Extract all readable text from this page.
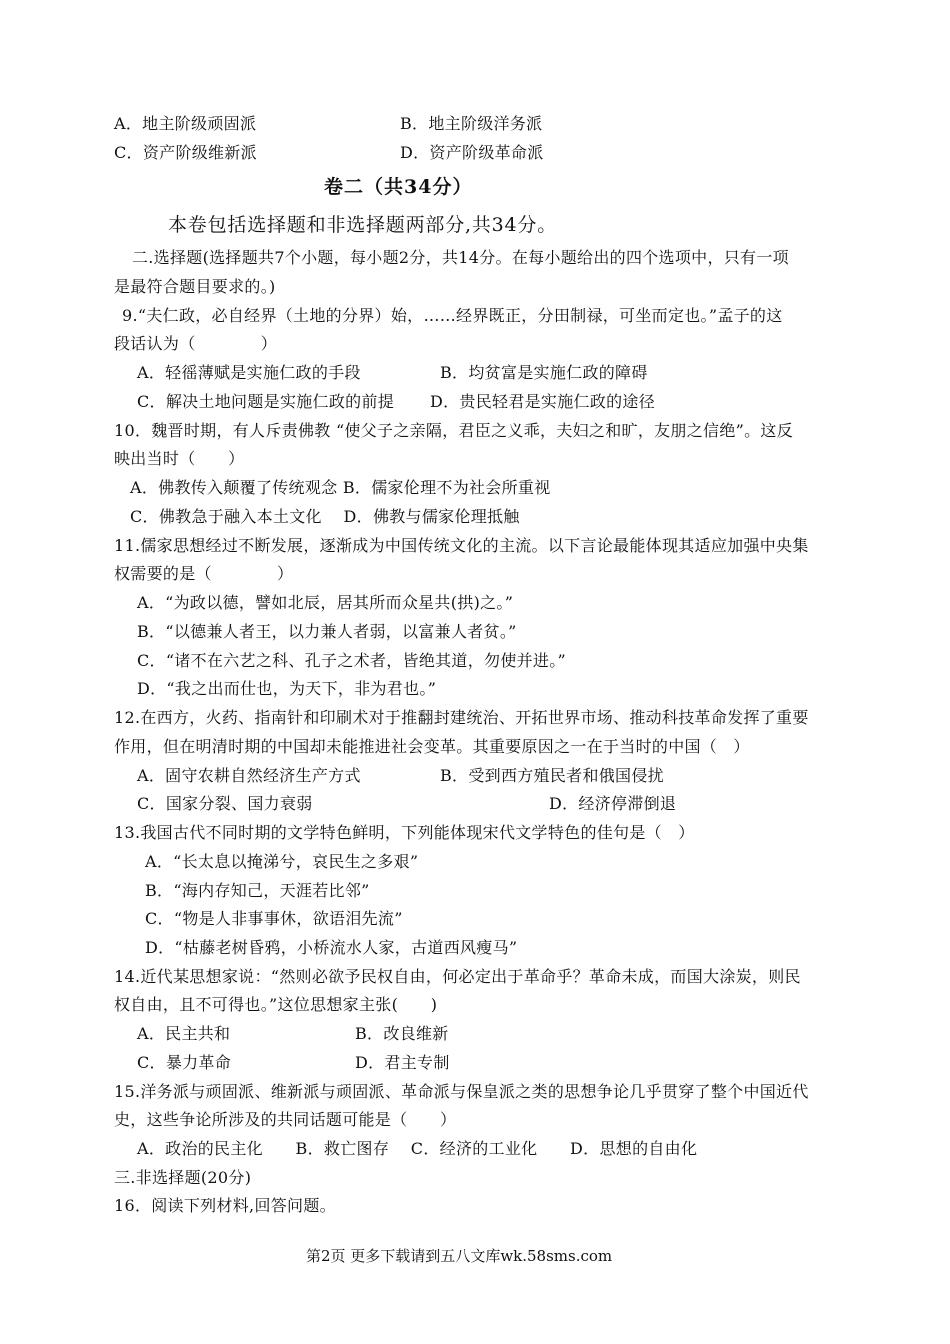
A．地主阶级顽固派	B．地主阶级洋务派
C．资产阶级维新派	D．资产阶级革命派
卷二（共34分）
本卷包括选择题和非选择题两部分,共34分。
二.选择题(选择题共7个小题，每小题2分，共14分。在每小题给出的四个选项中，只有一项
是最符合题目要求的。)
9.“夫仁政，必自经界（土地的分界）始，……经界既正，分田制禄，可坐而定也。”孟子的这
段话认为（　　　　）
A．轻徭薄赋是实施仁政的手段	B．均贫富是实施仁政的障碍
C．解决土地问题是实施仁政的前提 D．贵民轻君是实施仁政的途径
10．魏晋时期，有人斥责佛教 “使父子之亲隔，君臣之义乖，夫妇之和旷，友朋之信绝”。这反
映出当时（　　）
A．佛教传入颠覆了传统观念 B．儒家伦理不为社会所重视
C．佛教急于融入本土文化　 D．佛教与儒家伦理抵触
11.儒家思想经过不断发展，逐渐成为中国传统文化的主流。以下言论最能体现其适应加强中央集
权需要的是（　　　　）
A．“为政以德，譬如北辰，居其所而众星共(拱)之。”
B．“以德兼人者王，以力兼人者弱，以富兼人者贫。”
C．“诸不在六艺之科、孔子之术者，皆绝其道，勿使并进。”
D．“我之出而仕也，为天下，非为君也。”
12.在西方，火药、指南针和印刷术对于推翻封建统治、开拓世界市场、推动科技革命发挥了重要
作用，但在明清时期的中国却未能推进社会变革。其重要原因之一在于当时的中国（　）
A．固守农耕自然经济生产方式	B．受到西方殖民者和俄国侵扰
C．国家分裂、国力衰弱	D．经济停滞倒退
13.我国古代不同时期的文学特色鲜明，下列能体现宋代文学特色的佳句是（　）
A．“长太息以掩涕兮，哀民生之多艰”
B．“海内存知己，天涯若比邻”
C．“物是人非事事休，欲语泪先流”
D．“枯藤老树昏鸦，小桥流水人家，古道西风瘦马”
14.近代某思想家说：“然则必欲予民权自由，何必定出于革命乎？革命未成，而国大涂炭，则民
权自由，且不可得也。”这位思想家主张(　　)
A．民主共和	B．改良维新
C．暴力革命	D．君主专制
15.洋务派与顽固派、维新派与顽固派、革命派与保皇派之类的思想争论几乎贯穿了整个中国近代
史，这些争论所涉及的共同话题可能是（　　）
A．政治的民主化　　B．救亡图存　 C．经济的工业化　　D．思想的自由化
三.非选择题(20分)
16．阅读下列材料,回答问题。
第2页 更多下载请到五八文库wk.58sms.com
